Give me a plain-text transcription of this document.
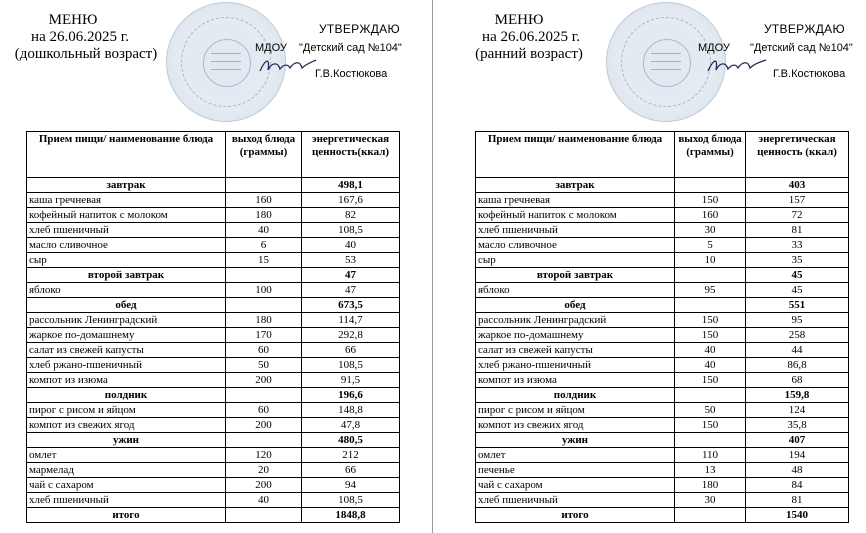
МЕНЮ
на 26.06.2025 г.
(дошкольный возраст)
УТВЕРЖДАЮ
МДОУ "Детский сад №104"
Г.В.Костюкова
Прием пищи/ наименование блюда	выход блюда (граммы)	энергетическая ценность(ккал)
завтрак		498,1
каша гречневая	160	167,6
кофейный напиток с молоком	180	82
хлеб пшеничный	40	108,5
масло сливочное	6	40
сыр	15	53
второй завтрак		47
яблоко	100	47
обед		673,5
рассольник Ленинградский	180	114,7
жаркое по-домашнему	170	292,8
салат из свежей капусты	60	66
хлеб ржано-пшеничный	50	108,5
компот из изюма	200	91,5
полдник		196,6
пирог с рисом и яйцом	60	148,8
компот из свежих ягод	200	47,8
ужин		480,5
омлет	120	212
мармелад	20	66
чай с сахаром	200	94
хлеб пшеничный	40	108,5
итого		1848,8
МЕНЮ
на 26.06.2025 г.
(ранний возраст)
УТВЕРЖДАЮ
МДОУ "Детский сад №104"
Г.В.Костюкова
Прием пищи/ наименование блюда	выход блюда (граммы)	энергетическая ценность (ккал)
завтрак		403
каша гречневая	150	157
кофейный напиток с молоком	160	72
хлеб пшеничный	30	81
масло сливочное	5	33
сыр	10	35
второй завтрак		45
яблоко	95	45
обед		551
рассольник Ленинградский	150	95
жаркое по-домашнему	150	258
салат из свежей капусты	40	44
хлеб ржано-пшеничный	40	86,8
компот из изюма	150	68
полдник		159,8
пирог с рисом и яйцом	50	124
компот из свежих ягод	150	35,8
ужин		407
омлет	110	194
печенье	13	48
чай с сахаром	180	84
хлеб пшеничный	30	81
итого		1540
